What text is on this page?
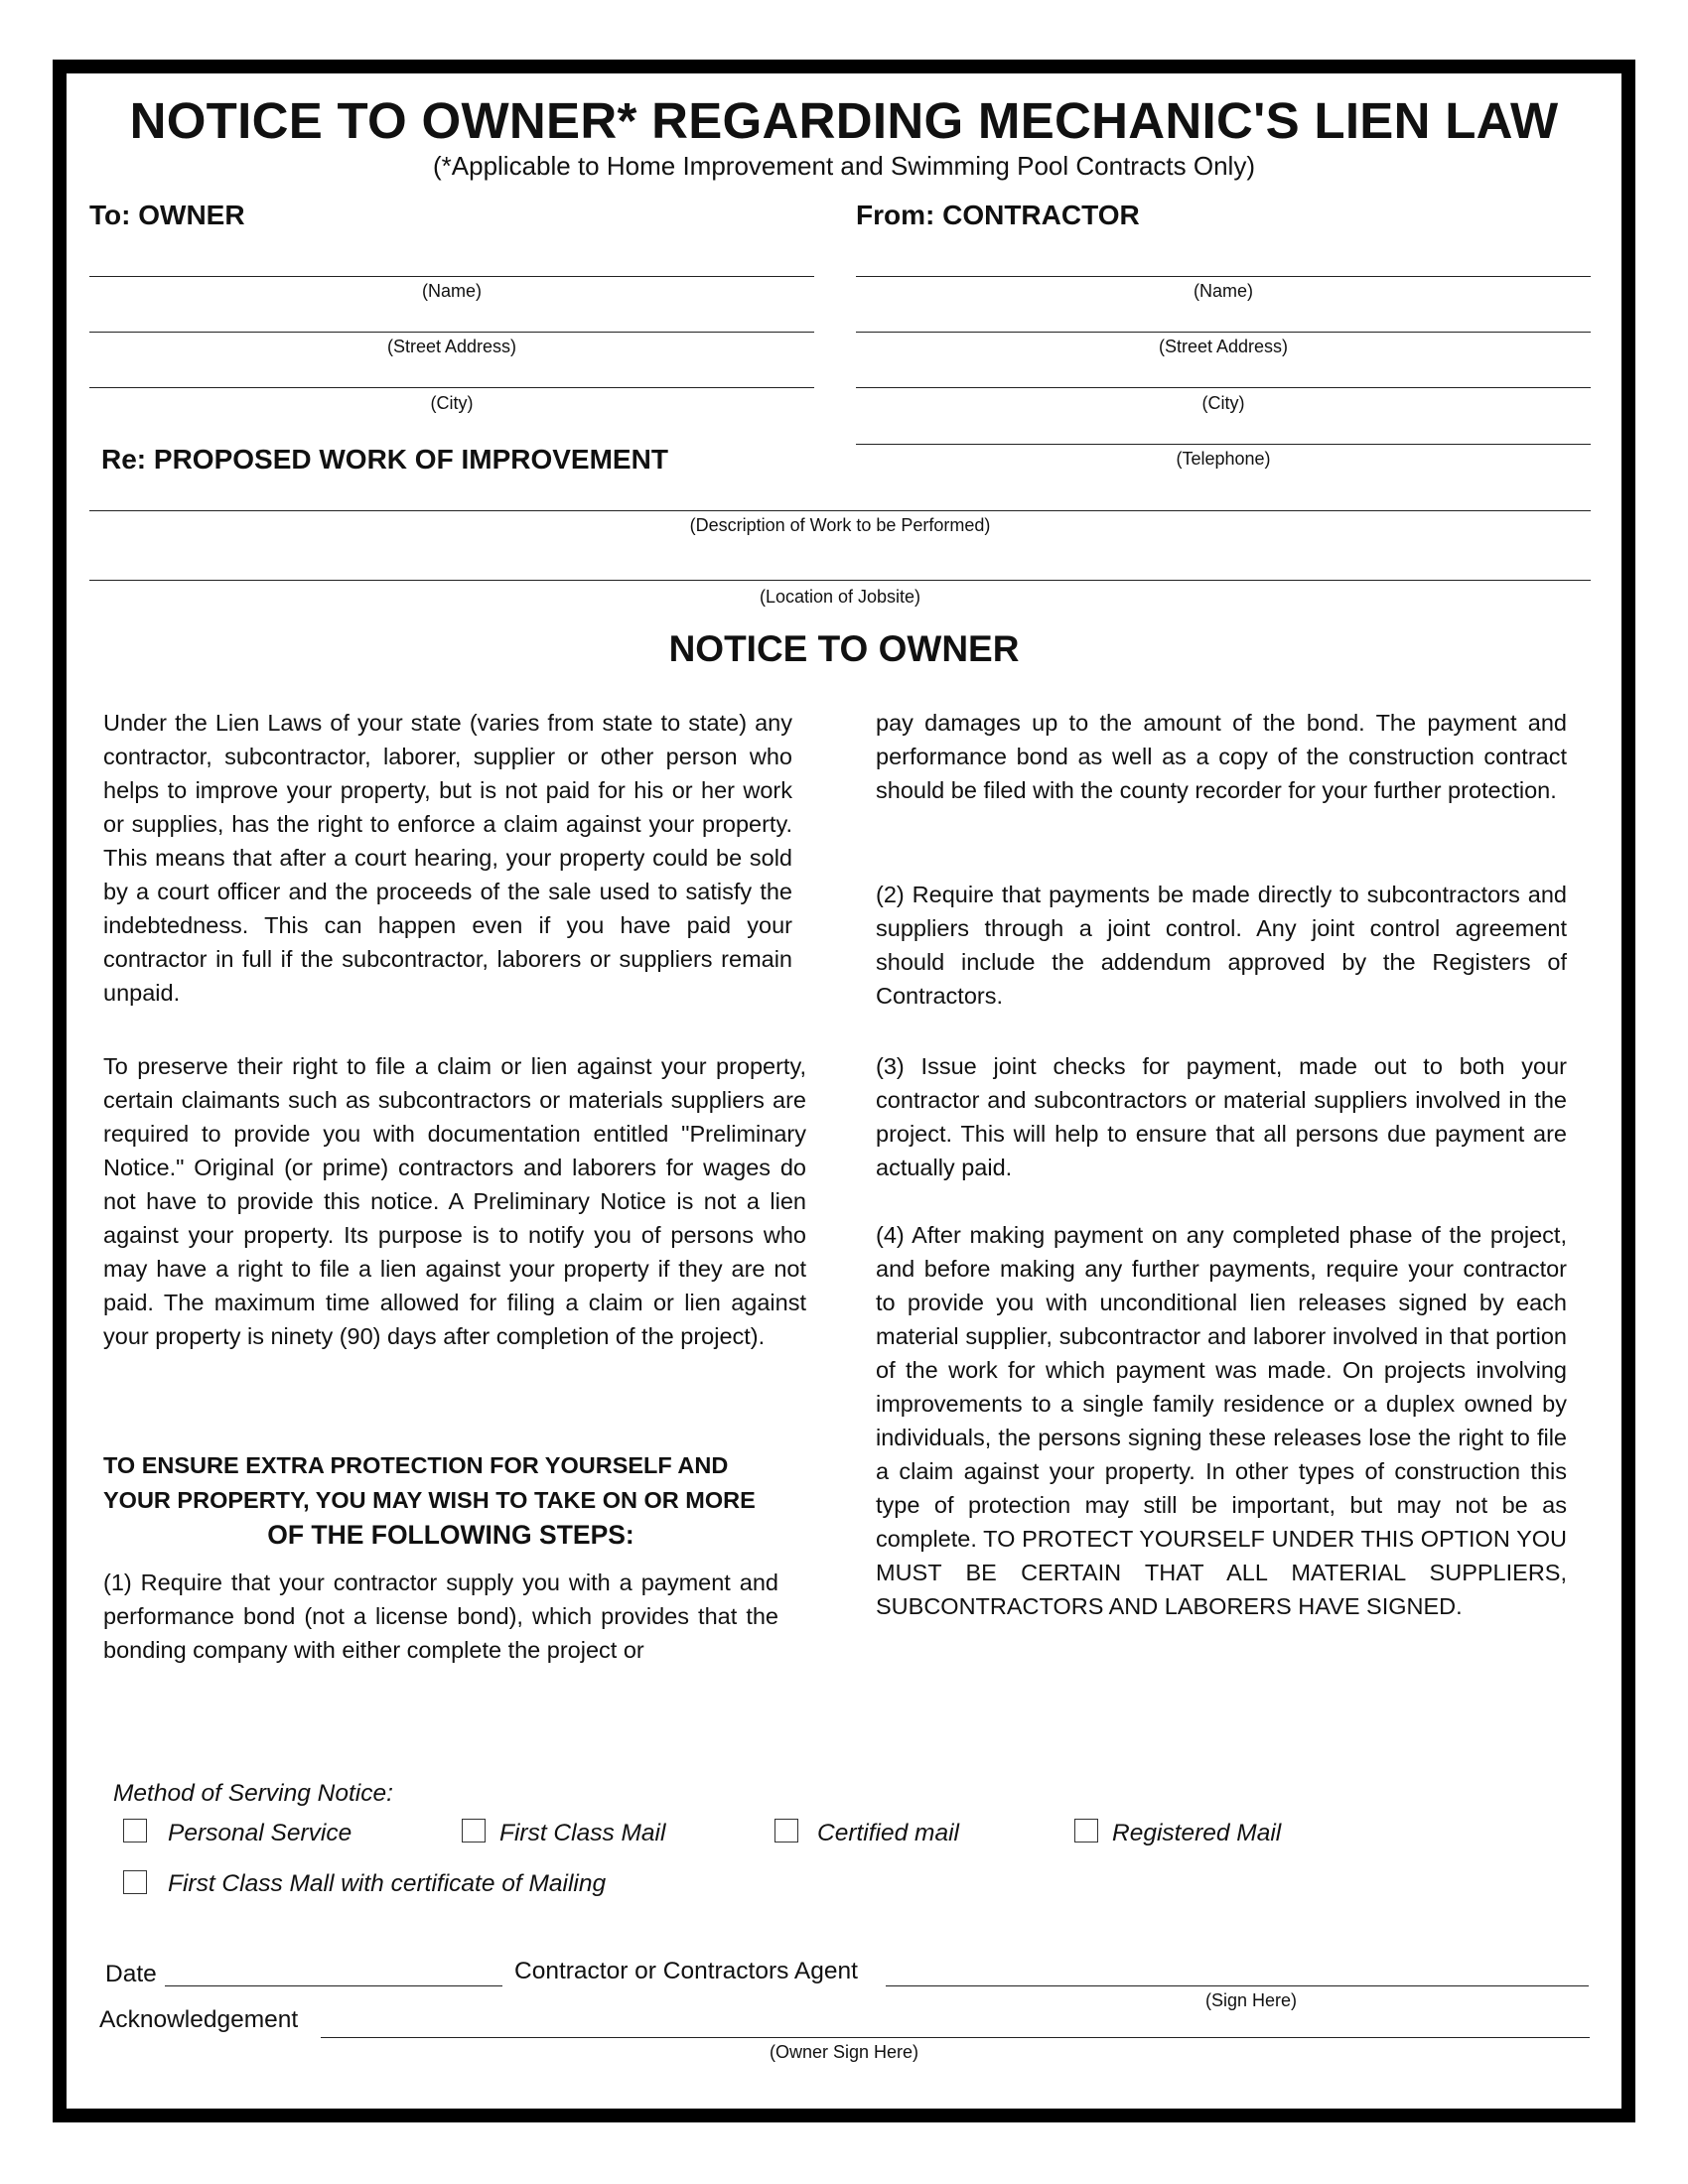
NOTICE TO OWNER* REGARDING MECHANIC'S LIEN LAW
(*Applicable to Home Improvement and Swimming Pool Contracts Only)
To: OWNER
(Name)
(Street Address)
(City)
From: CONTRACTOR
(Name)
(Street Address)
(City)
(Telephone)
Re: PROPOSED WORK OF IMPROVEMENT
(Description of Work to be Performed)
(Location of Jobsite)
NOTICE TO OWNER

Under the Lien Laws of your state (varies from state to state) any contractor, subcontractor, laborer, supplier or other person who helps to improve your property, but is not paid for his or her work or supplies, has the right to enforce a claim against your property. This means that after a court hearing, your property could be sold by a court officer and the proceeds of the sale used to satisfy the indebtedness. This can happen even if you have paid your contractor in full if the subcontractor, laborers or suppliers remain unpaid.

To preserve their right to file a claim or lien against your property, certain claimants such as subcontractors or materials suppliers are required to provide you with documentation entitled "Preliminary Notice." Original (or prime) contractors and laborers for wages do not have to provide this notice. A Preliminary Notice is not a lien against your property. Its purpose is to notify you of persons who may have a right to file a lien against your property if they are not paid. The maximum time allowed for filing a claim or lien against your property is ninety (90) days after completion of the project).

TO ENSURE EXTRA PROTECTION FOR YOURSELF AND
YOUR PROPERTY, YOU MAY WISH TO TAKE ON OR MORE
OF THE FOLLOWING STEPS:

(1) Require that your contractor supply you with a payment and performance bond (not a license bond), which provides that the bonding company with either complete the project or

pay damages up to the amount of the bond. The payment and performance bond as well as a copy of the construction contract should be filed with the county recorder for your further protection.

(2) Require that payments be made directly to subcontractors and suppliers through a joint control. Any joint control agreement should include the addendum approved by the Registers of Contractors.

(3) Issue joint checks for payment, made out to both your contractor and subcontractors or material suppliers involved in the project. This will help to ensure that all persons due payment are actually paid.

(4) After making payment on any completed phase of the project, and before making any further payments, require your contractor to provide you with unconditional lien releases signed by each material supplier, subcontractor and laborer involved in that portion of the work for which payment was made. On projects involving improvements to a single family residence or a duplex owned by individuals, the persons signing these releases lose the right to file a claim against your property. In other types of construction this type of protection may still be important, but may not be as complete. TO PROTECT YOURSELF UNDER THIS OPTION YOU MUST BE CERTAIN THAT ALL MATERIAL SUPPLIERS, SUBCONTRACTORS AND LABORERS HAVE SIGNED.

Method of Serving Notice:
Personal Service	First Class Mail	Certified mail	Registered Mail
First Class Mall with certificate of Mailing
Date	Contractor or Contractors Agent
(Sign Here)
Acknowledgement
(Owner Sign Here)
